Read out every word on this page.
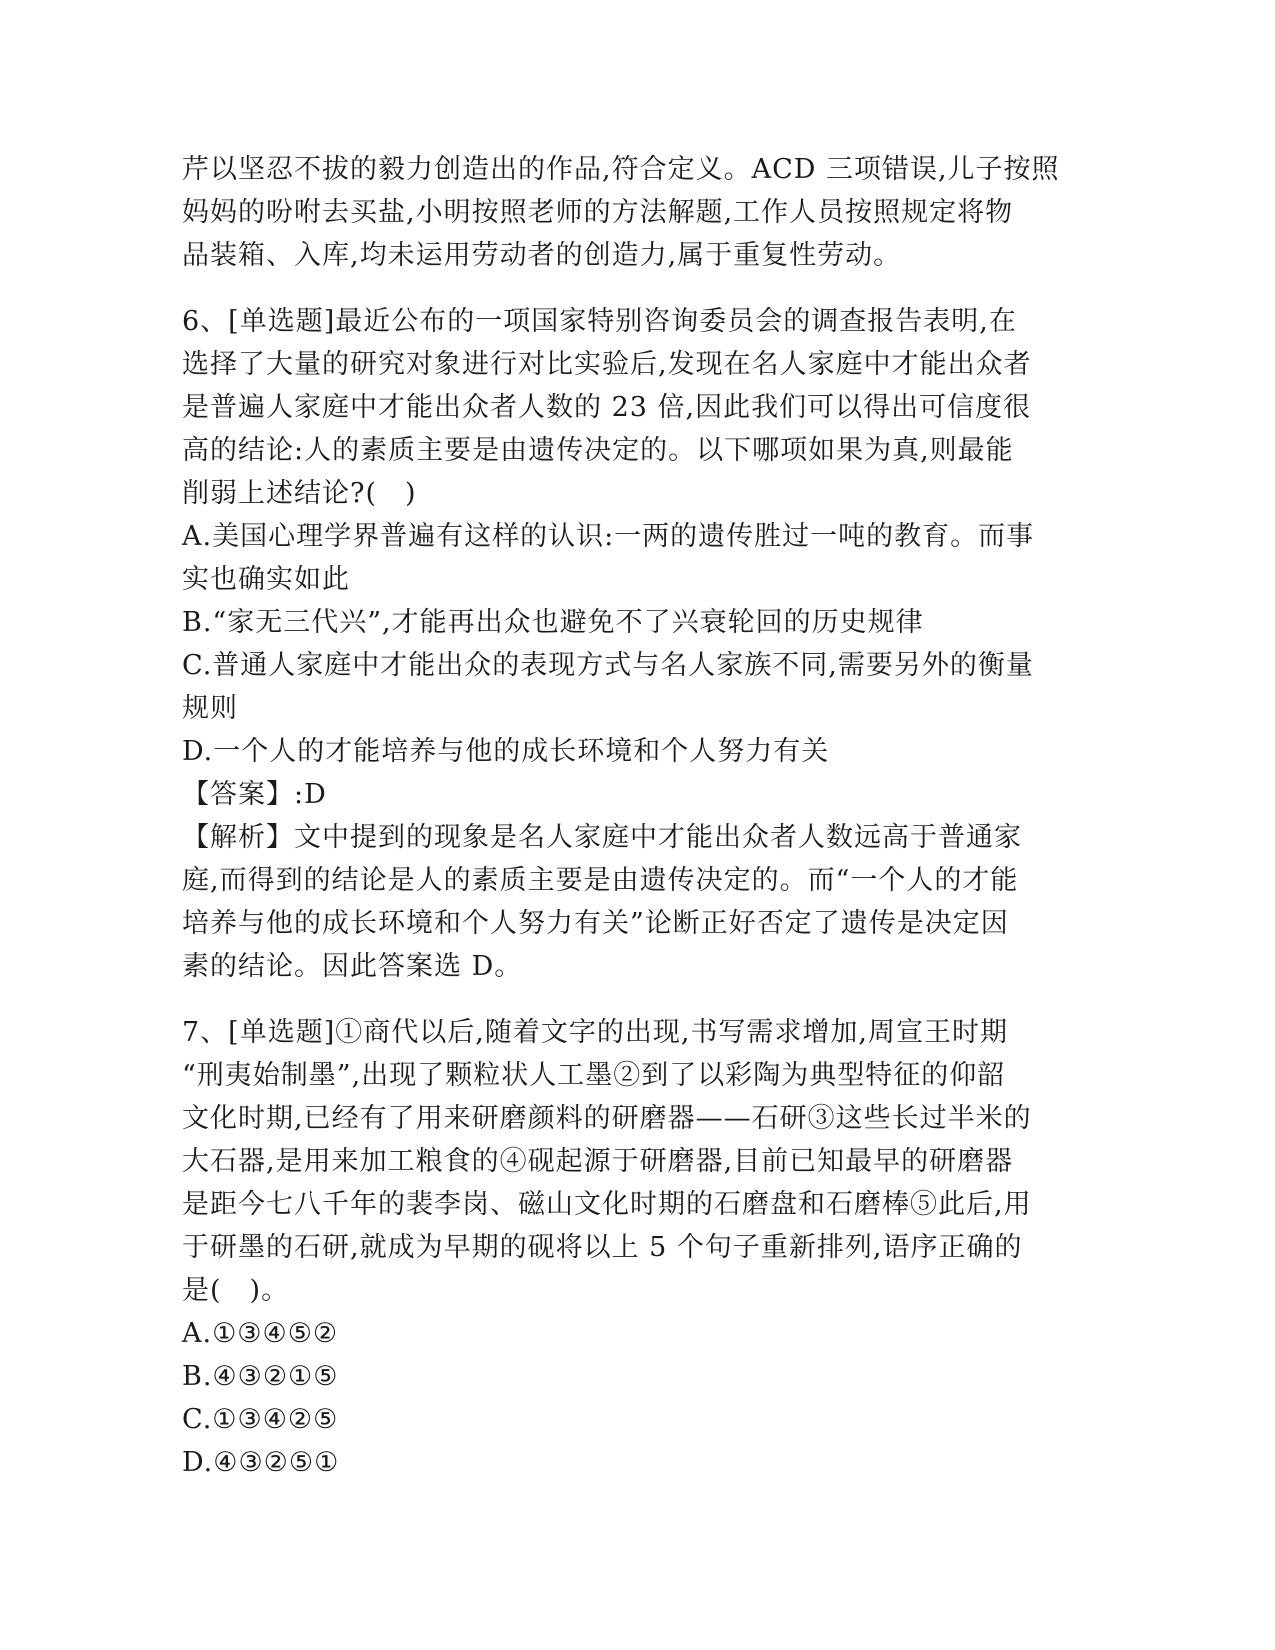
芹以坚忍不拔的毅力创造出的作品,符合定义。ACD 三项错误,儿子按照
妈妈的吩咐去买盐,小明按照老师的方法解题,工作人员按照规定将物
品装箱、入库,均未运用劳动者的创造力,属于重复性劳动。
6、[单选题]最近公布的一项国家特别咨询委员会的调查报告表明,在
选择了大量的研究对象进行对比实验后,发现在名人家庭中才能出众者
是普遍人家庭中才能出众者人数的 23 倍,因此我们可以得出可信度很
高的结论:人的素质主要是由遗传决定的。以下哪项如果为真,则最能
削弱上述结论?(　)
A.美国心理学界普遍有这样的认识:一两的遗传胜过一吨的教育。而事
实也确实如此
B.“家无三代兴”,才能再出众也避免不了兴衰轮回的历史规律
C.普通人家庭中才能出众的表现方式与名人家族不同,需要另外的衡量
规则
D.一个人的才能培养与他的成长环境和个人努力有关
【答案】:D
【解析】文中提到的现象是名人家庭中才能出众者人数远高于普通家
庭,而得到的结论是人的素质主要是由遗传决定的。而“一个人的才能
培养与他的成长环境和个人努力有关”论断正好否定了遗传是决定因
素的结论。因此答案选 D。
7、[单选题]①商代以后,随着文字的出现,书写需求增加,周宣王时期
“刑夷始制墨”,出现了颗粒状人工墨②到了以彩陶为典型特征的仰韶
文化时期,已经有了用来研磨颜料的研磨器——石研③这些长过半米的
大石器,是用来加工粮食的④砚起源于研磨器,目前已知最早的研磨器
是距今七八千年的裴李岗、磁山文化时期的石磨盘和石磨棒⑤此后,用
于研墨的石研,就成为早期的砚将以上 5 个句子重新排列,语序正确的
是(　)。
A.①③④⑤②
B.④③②①⑤
C.①③④②⑤
D.④③②⑤①
